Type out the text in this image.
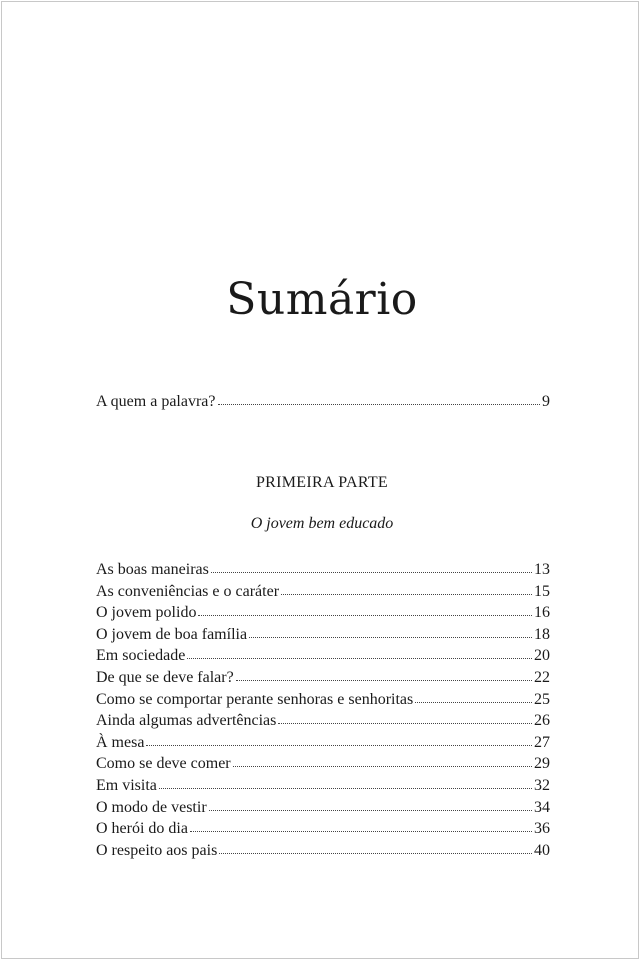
Sumário
A quem a palavra?	9
PRIMEIRA PARTE
O jovem bem educado
As boas maneiras	13
As conveniências e o caráter	15
O jovem polido	16
O jovem de boa família	18
Em sociedade	20
De que se deve falar?	22
Como se comportar perante senhoras e senhoritas	25
Ainda algumas advertências	26
À mesa	27
Como se deve comer	29
Em visita	32
O modo de vestir	34
O herói do dia	36
O respeito aos pais	40
